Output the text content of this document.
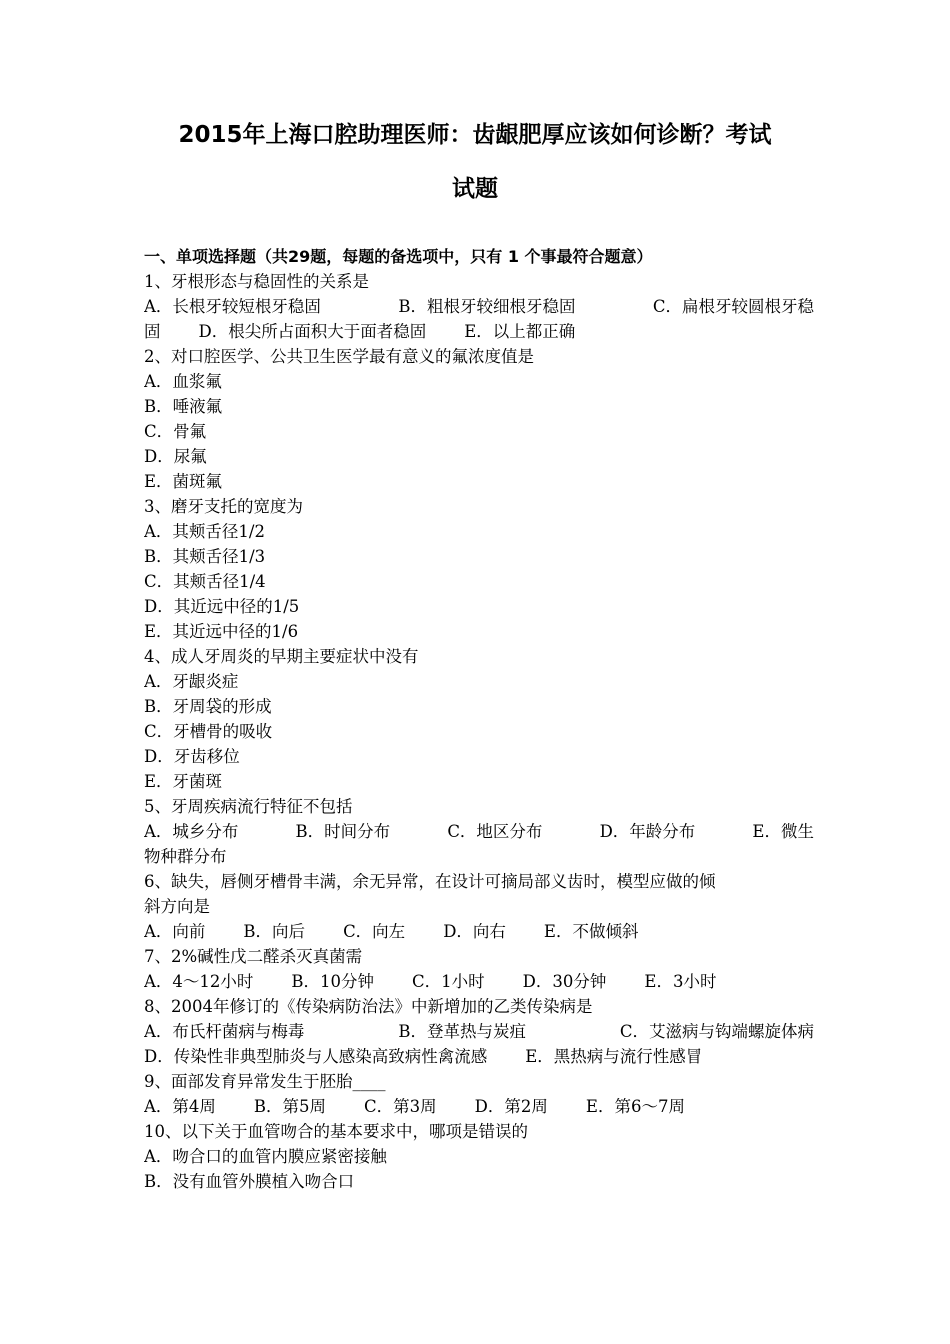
2015年上海口腔助理医师：齿龈肥厚应该如何诊断？考试
试题
一、单项选择题（共29题，每题的备选项中，只有 1 个事最符合题意）
1、牙根形态与稳固性的关系是
A．长根牙较短根牙稳固	B．粗根牙较细根牙稳固	C．扁根牙较圆根牙稳
固 D．根尖所占面积大于面者稳固 E．以上都正确
2、对口腔医学、公共卫生医学最有意义的氟浓度值是
A．血浆氟
B．唾液氟
C．骨氟
D．尿氟
E．菌斑氟
3、磨牙支托的宽度为
A．其颊舌径1/2
B．其颊舌径1/3
C．其颊舌径1/4
D．其近远中径的1/5
E．其近远中径的1/6
4、成人牙周炎的早期主要症状中没有
A．牙龈炎症
B．牙周袋的形成
C．牙槽骨的吸收
D．牙齿移位
E．牙菌斑
5、牙周疾病流行特征不包括
A．城乡分布	B．时间分布	C．地区分布	D．年龄分布	E．微生
物种群分布
6、缺失，唇侧牙槽骨丰满，余无异常，在设计可摘局部义齿时，模型应做的倾
斜方向是
A．向前 B．向后 C．向左 D．向右 E．不做倾斜
7、2%碱性戊二醛杀灭真菌需
A．4～12小时 B．10分钟 C．1小时 D．30分钟 E．3小时
8、2004年修订的《传染病防治法》中新增加的乙类传染病是
A．布氏杆菌病与梅毒	B．登革热与炭疽	C．艾滋病与钩端螺旋体病
D．传染性非典型肺炎与人感染高致病性禽流感 E．黑热病与流行性感冒
9、面部发育异常发生于胚胎____
A．第4周 B．第5周 C．第3周 D．第2周 E．第6～7周
10、以下关于血管吻合的基本要求中，哪项是错误的
A．吻合口的血管内膜应紧密接触
B．没有血管外膜植入吻合口
